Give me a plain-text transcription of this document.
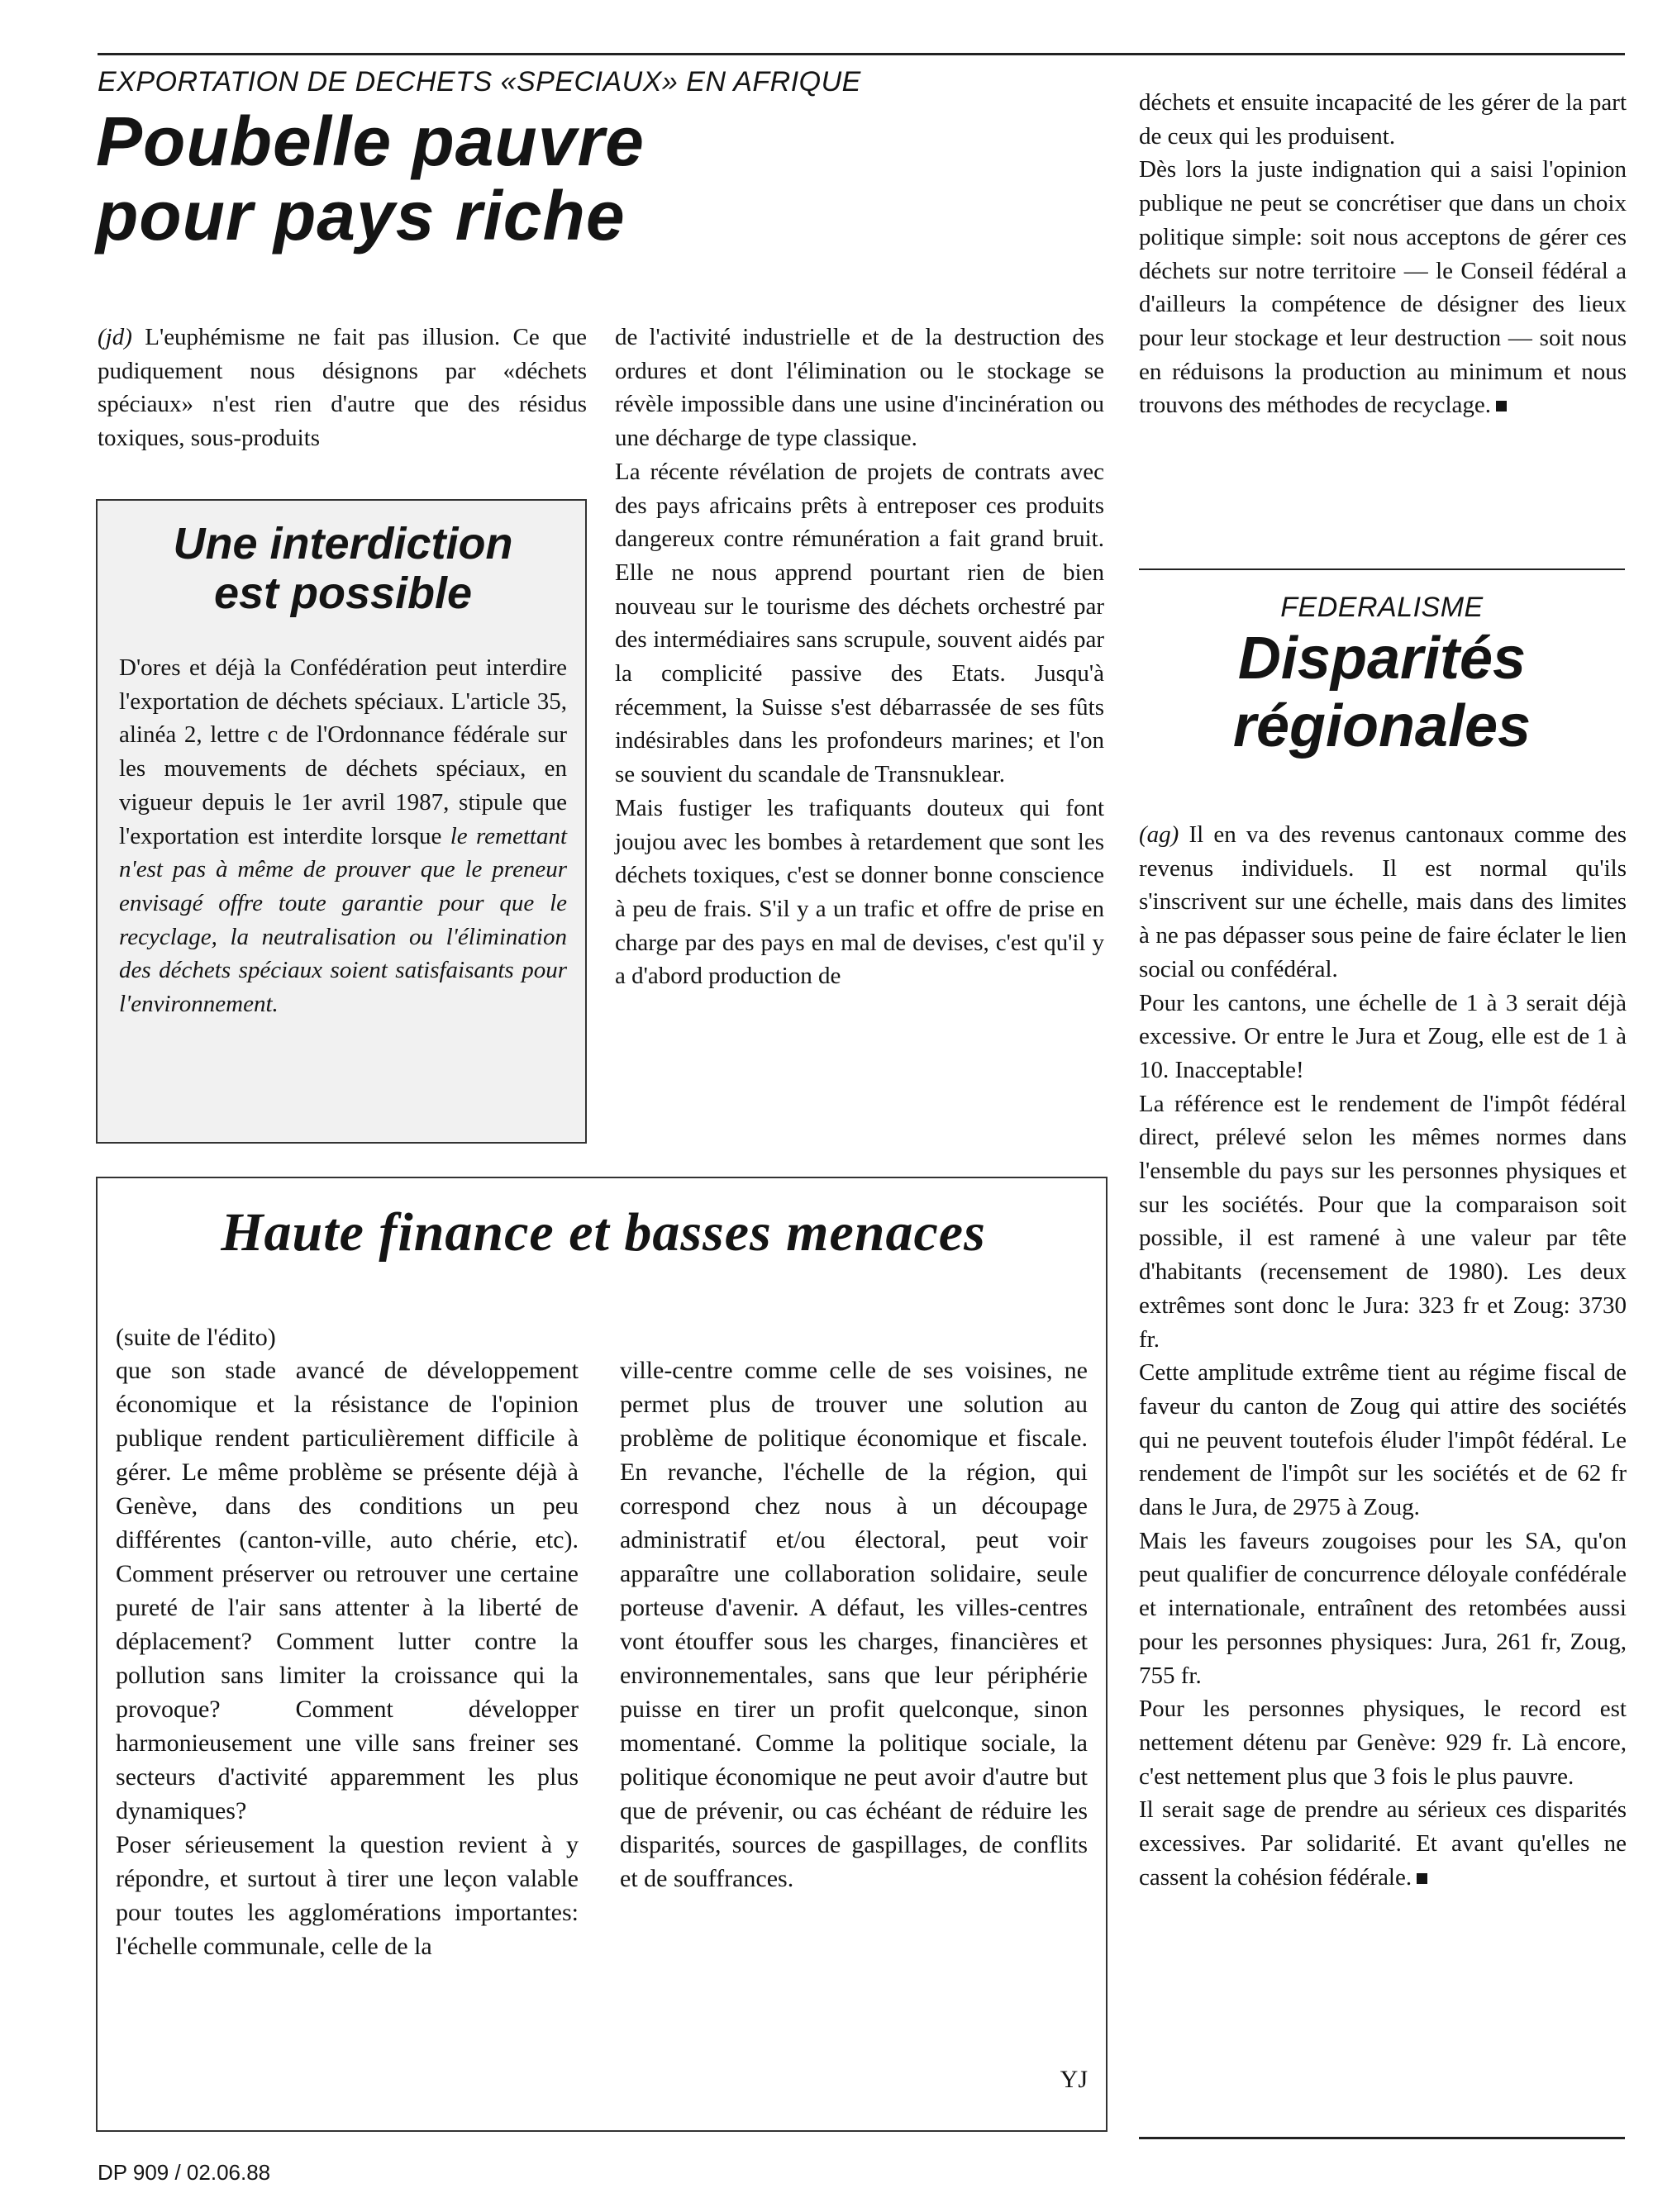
EXPORTATION DE DECHETS «SPECIAUX» EN AFRIQUE
Poubelle pauvre
pour pays riche

(jd) L'euphémisme ne fait pas illusion. Ce que pudiquement nous désignons par «déchets spéciaux» n'est rien d'autre que des résidus toxiques, sous-produits

Une interdiction
est possible

D'ores et déjà la Confédération peut interdire l'exportation de déchets spéciaux. L'article 35, alinéa 2, lettre c de l'Ordonnance fédérale sur les mouvements de déchets spéciaux, en vigueur depuis le 1er avril 1987, stipule que l'exportation est interdite lorsque le remettant n'est pas à même de prouver que le preneur envisagé offre toute garantie pour que le recyclage, la neutralisation ou l'élimination des déchets spéciaux soient satisfaisants pour l'environnement.

de l'activité industrielle et de la destruction des ordures et dont l'élimination ou le stockage se révèle impossible dans une usine d'incinération ou une décharge de type classique.

La récente révélation de projets de contrats avec des pays africains prêts à entreposer ces produits dangereux contre rémunération a fait grand bruit. Elle ne nous apprend pourtant rien de bien nouveau sur le tourisme des déchets orchestré par des intermédiaires sans scrupule, souvent aidés par la complicité passive des Etats. Jusqu'à récemment, la Suisse s'est débarrassée de ses fûts indésirables dans les profondeurs marines; et l'on se souvient du scandale de Transnuklear.

Mais fustiger les trafiquants douteux qui font joujou avec les bombes à retardement que sont les déchets toxiques, c'est se donner bonne conscience à peu de frais. S'il y a un trafic et offre de prise en charge par des pays en mal de devises, c'est qu'il y a d'abord production de

déchets et ensuite incapacité de les gérer de la part de ceux qui les produisent.

Dès lors la juste indignation qui a saisi l'opinion publique ne peut se concrétiser que dans un choix politique simple: soit nous acceptons de gérer ces déchets sur notre territoire — le Conseil fédéral a d'ailleurs la compétence de désigner des lieux pour leur stockage et leur destruction — soit nous en réduisons la production au minimum et nous trouvons des méthodes de recyclage.

FEDERALISME
Disparités
régionales

(ag) Il en va des revenus cantonaux comme des revenus individuels. Il est normal qu'ils s'inscrivent sur une échelle, mais dans des limites à ne pas dépasser sous peine de faire éclater le lien social ou confédéral.

Pour les cantons, une échelle de 1 à 3 serait déjà excessive. Or entre le Jura et Zoug, elle est de 1 à 10. Inacceptable!

La référence est le rendement de l'impôt fédéral direct, prélevé selon les mêmes normes dans l'ensemble du pays sur les personnes physiques et sur les sociétés. Pour que la comparaison soit possible, il est ramené à une valeur par tête d'habitants (recensement de 1980). Les deux extrêmes sont donc le Jura: 323 fr et Zoug: 3730 fr.

Cette amplitude extrême tient au régime fiscal de faveur du canton de Zoug qui attire des sociétés qui ne peuvent toutefois éluder l'impôt fédéral. Le rendement de l'impôt sur les sociétés et de 62 fr dans le Jura, de 2975 à Zoug.

Mais les faveurs zougoises pour les SA, qu'on peut qualifier de concurrence déloyale confédérale et internationale, entraînent des retombées aussi pour les personnes physiques: Jura, 261 fr, Zoug, 755 fr.

Pour les personnes physiques, le record est nettement détenu par Genève: 929 fr. Là encore, c'est nettement plus que 3 fois le plus pauvre.

Il serait sage de prendre au sérieux ces disparités excessives. Par solidarité. Et avant qu'elles ne cassent la cohésion fédérale.

Haute finance et basses menaces
(suite de l'édito)

que son stade avancé de développement économique et la résistance de l'opinion publique rendent particulièrement difficile à gérer. Le même problème se présente déjà à Genève, dans des conditions un peu différentes (canton-ville, auto chérie, etc). Comment préserver ou retrouver une certaine pureté de l'air sans attenter à la liberté de déplacement? Comment lutter contre la pollution sans limiter la croissance qui la provoque? Comment développer harmonieusement une ville sans freiner ses secteurs d'activité apparemment les plus dynamiques?

Poser sérieusement la question revient à y répondre, et surtout à tirer une leçon valable pour toutes les agglomérations importantes: l'échelle communale, celle de la

ville-centre comme celle de ses voisines, ne permet plus de trouver une solution au problème de politique économique et fiscale. En revanche, l'échelle de la région, qui correspond chez nous à un découpage administratif et/ou électoral, peut voir apparaître une collaboration solidaire, seule porteuse d'avenir. A défaut, les villes-centres vont étouffer sous les charges, financières et environnementales, sans que leur périphérie puisse en tirer un profit quelconque, sinon momentané. Comme la politique sociale, la politique économique ne peut avoir d'autre but que de prévenir, ou cas échéant de réduire les disparités, sources de gaspillages, de conflits et de souffrances.

YJ
DP 909 / 02.06.88
